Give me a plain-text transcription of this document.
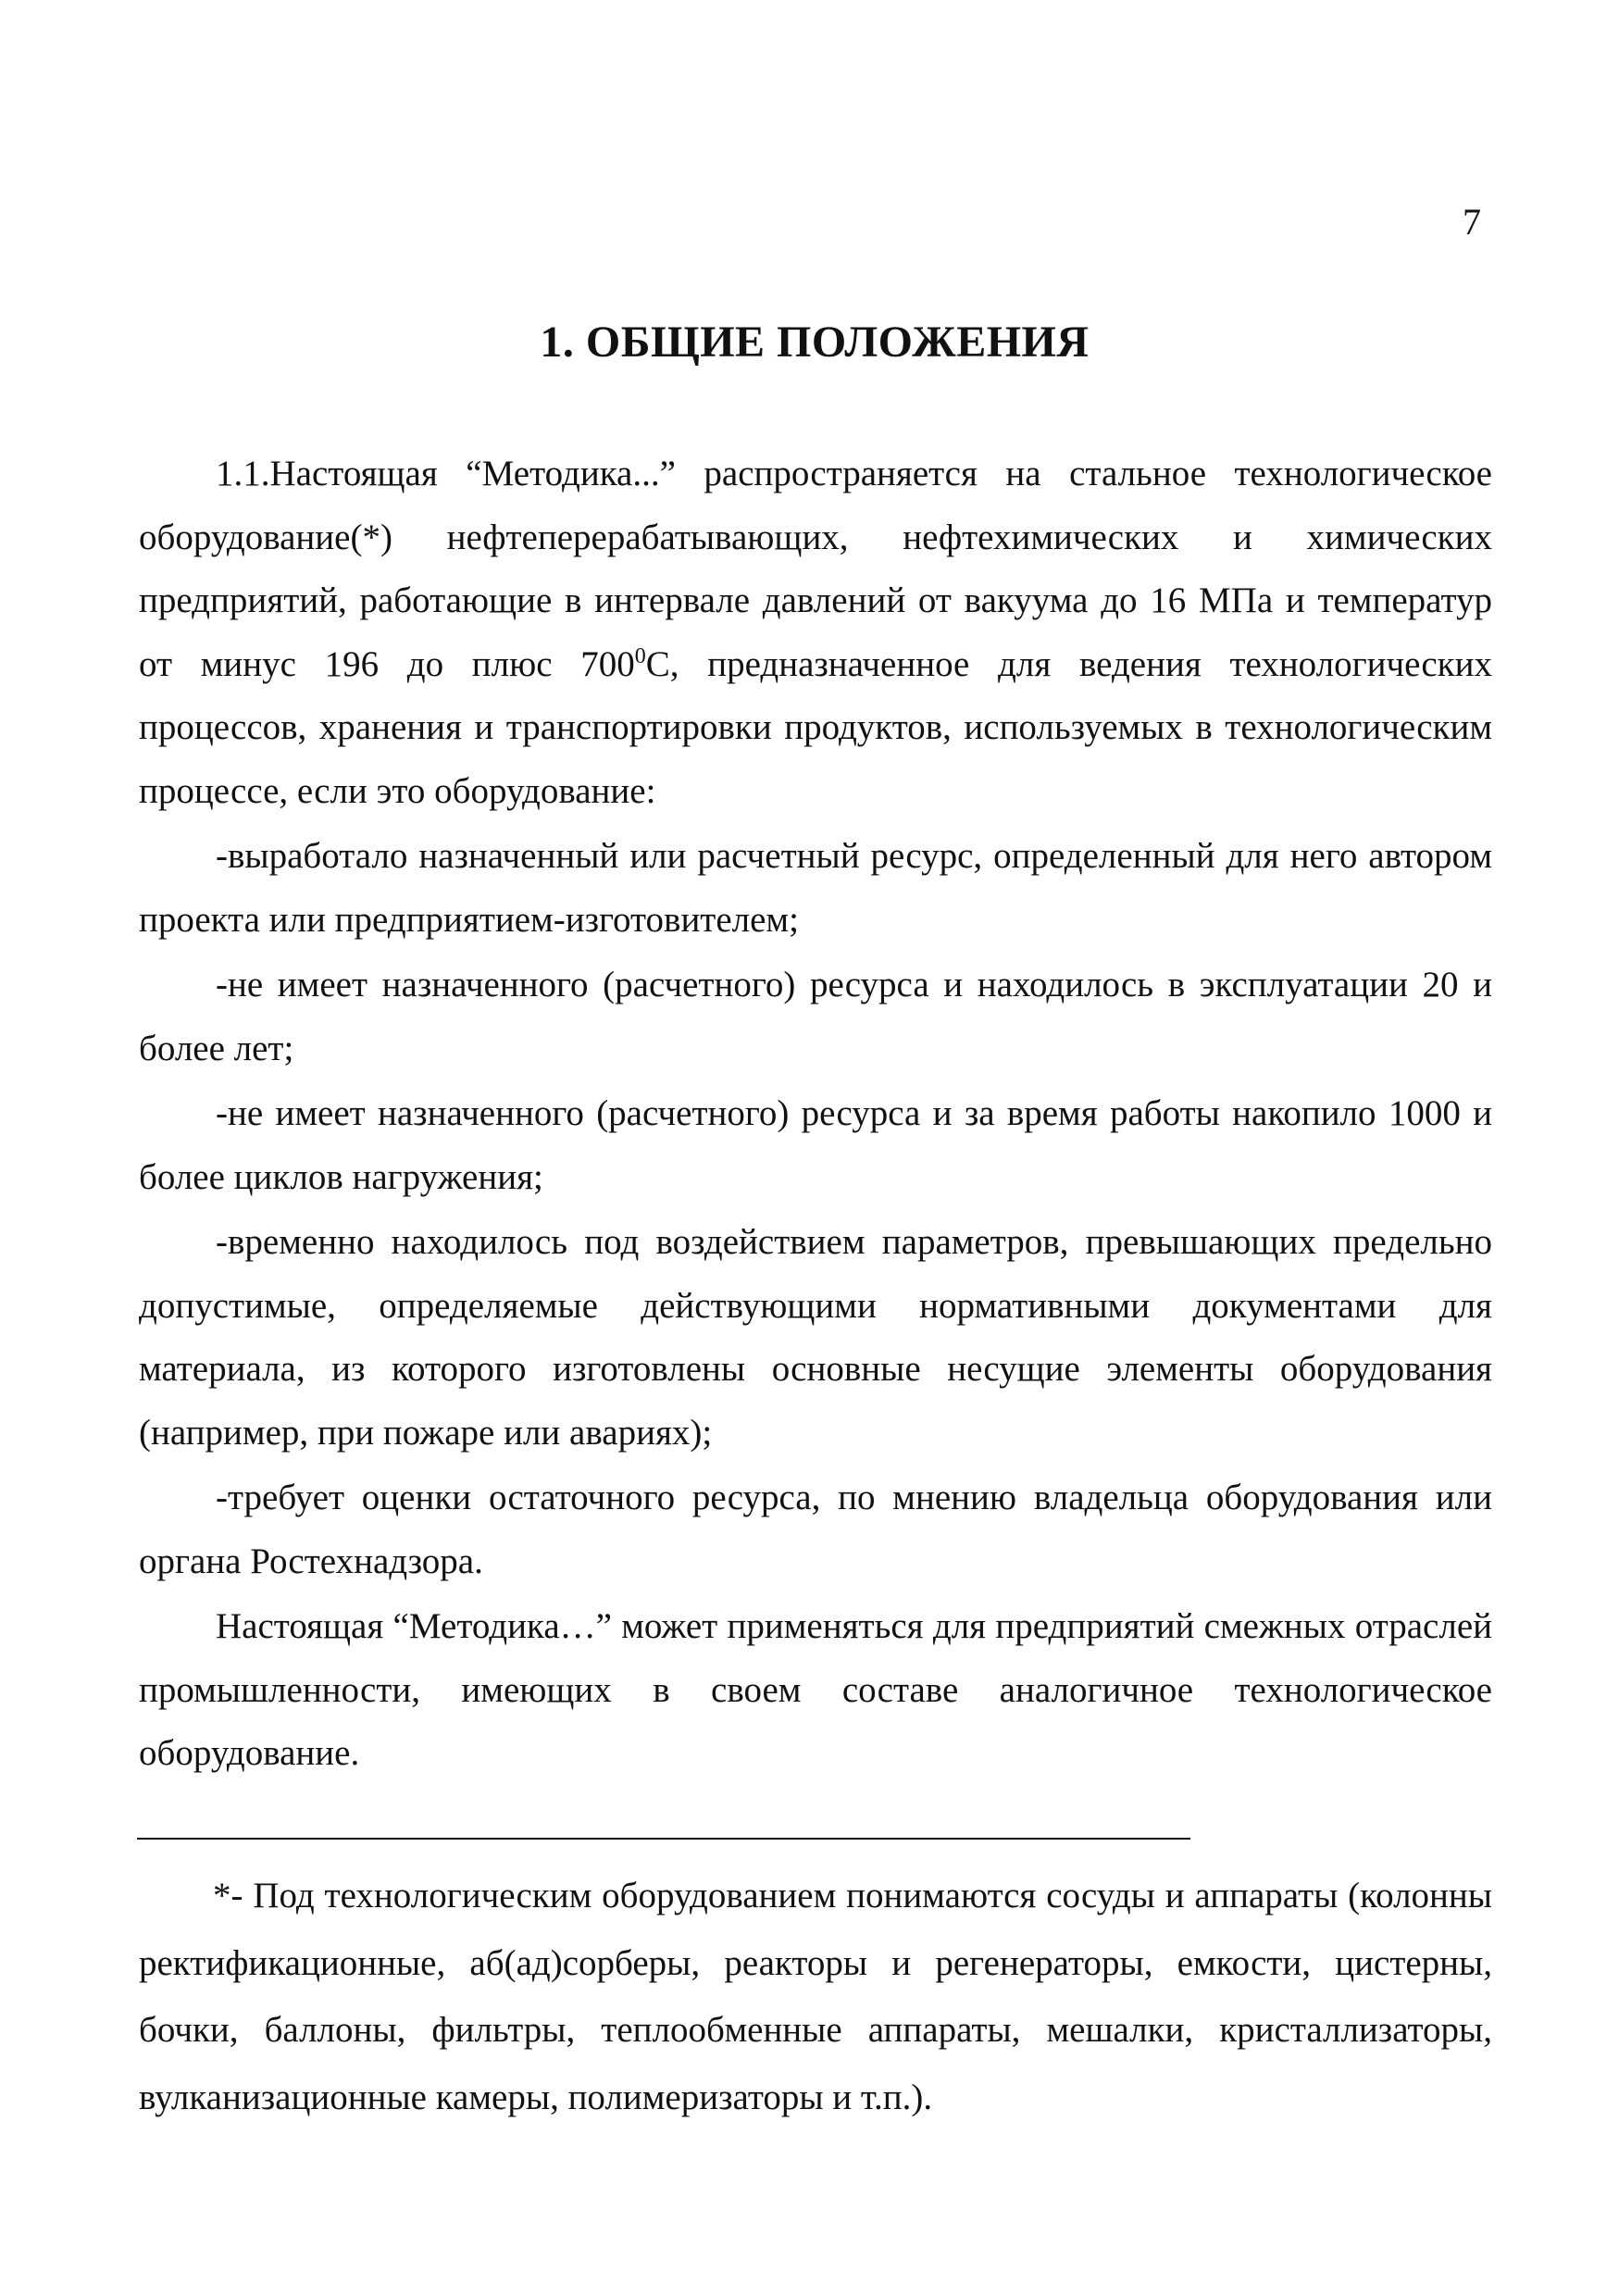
7
1. ОБЩИЕ ПОЛОЖЕНИЯ

1.1.Настоящая “Методика...” распространяется на стальное технологическое оборудование(*) нефтеперерабатывающих, нефтехимических и химических предприятий, работающие в интервале давлений от вакуума до 16 МПа и температур от минус 196 до плюс $700^0С$, предназначенное для ведения технологических процессов, хранения и транспортировки продуктов, используемых в технологическим процессе, если это оборудование:

-выработало назначенный или расчетный ресурс, определенный для него автором проекта или предприятием-изготовителем;

-не имеет назначенного (расчетного) ресурса и находилось в эксплуатации 20 и более лет;

-не имеет назначенного (расчетного) ресурса и за время работы накопило 1000 и более циклов нагружения;

-временно находилось под воздействием параметров, превышающих предельно допустимые, определяемые действующими нормативными документами для материала, из которого изготовлены основные несущие элементы оборудования (например, при пожаре или авариях);

-требует оценки остаточного ресурса, по мнению владельца оборудования или органа Ростехнадзора.

Настоящая “Методика…” может применяться для предприятий смежных отраслей промышленности, имеющих в своем составе аналогичное технологическое оборудование.

*- Под технологическим оборудованием понимаются сосуды и аппараты (колонны ректификационные, аб(ад)сорберы, реакторы и регенераторы, емкости, цистерны, бочки, баллоны, фильтры, теплообменные аппараты, мешалки, кристаллизаторы, вулканизационные камеры, полимеризаторы и т.п.).
